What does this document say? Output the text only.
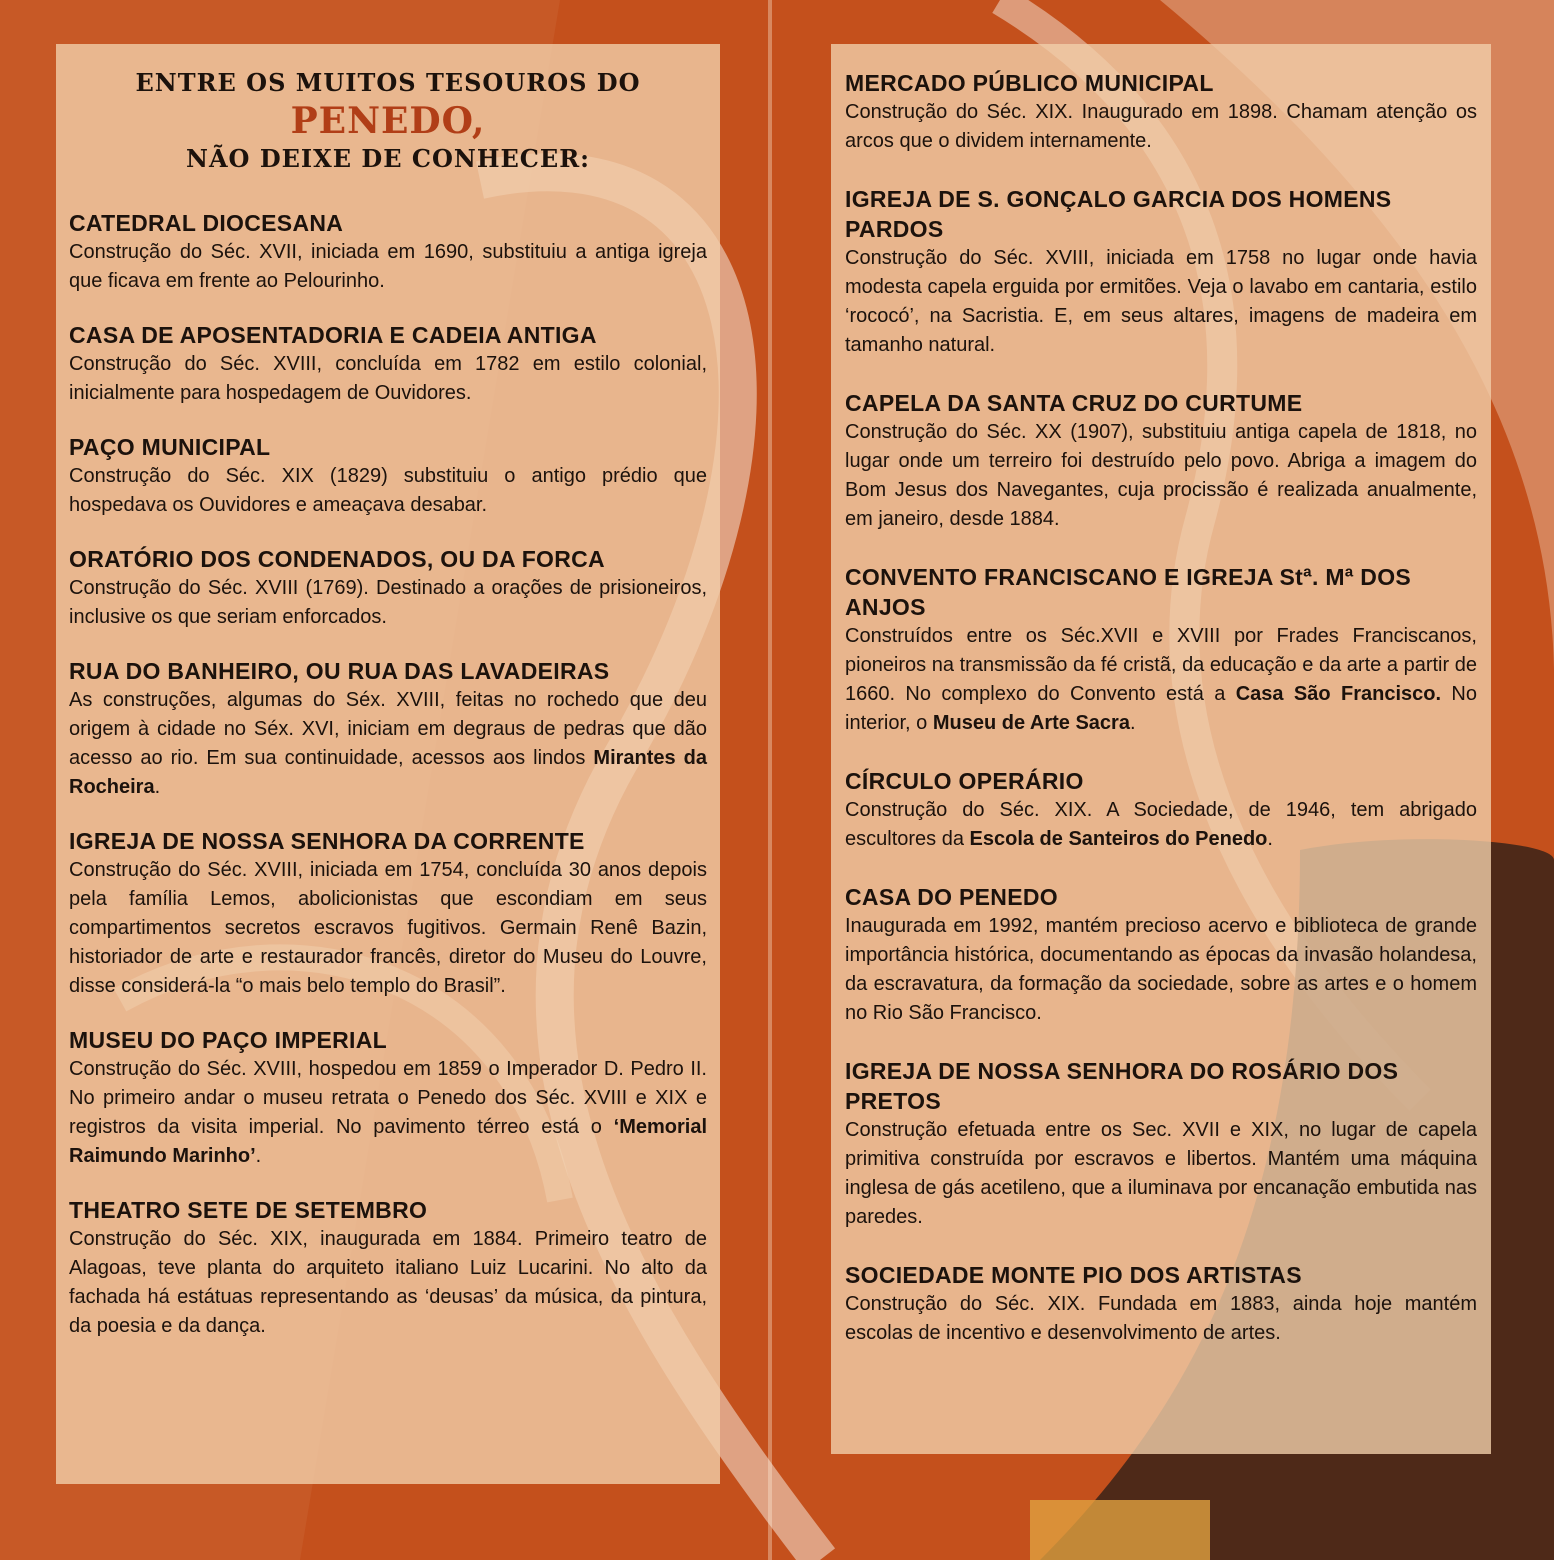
ENTRE OS MUITOS TESOUROS DO
PENEDO,
NÃO DEIXE DE CONHECER:
CATEDRAL DIOCESANA

Construção do Séc. XVII, iniciada em 1690, substituiu a antiga igreja que ficava em frente ao Pelourinho.

CASA DE APOSENTADORIA E CADEIA ANTIGA

Construção do Séc. XVIII, concluída em 1782 em estilo colonial, inicialmente para hospedagem de Ouvidores.

PAÇO MUNICIPAL

Construção do Séc. XIX (1829) substituiu o antigo prédio que hospedava os Ouvidores e ameaçava desabar.

ORATÓRIO DOS CONDENADOS, OU DA FORCA

Construção do Séc. XVIII (1769). Destinado a orações de prisioneiros, inclusive os que seriam enforcados.

RUA DO BANHEIRO, OU RUA DAS LAVADEIRAS

As construções, algumas do Séx. XVIII, feitas no rochedo que deu origem à cidade no Séx. XVI, iniciam em degraus de pedras que dão acesso ao rio. Em sua continuidade, acessos aos lindos Mirantes da Rocheira.

IGREJA DE NOSSA SENHORA DA CORRENTE

Construção do Séc. XVIII, iniciada em 1754, concluída 30 anos depois pela família Lemos, abolicionistas que escondiam em seus compartimentos secretos escravos fugitivos. Germain Renê Bazin, historiador de arte e restaurador francês, diretor do Museu do Louvre, disse considerá-la “o mais belo templo do Brasil”.

MUSEU DO PAÇO IMPERIAL

Construção do Séc. XVIII, hospedou em 1859 o Imperador D. Pedro II. No primeiro andar o museu retrata o Penedo dos Séc. XVIII e XIX e registros da visita imperial. No pavimento térreo está o ‘Memorial Raimundo Marinho’.

THEATRO SETE DE SETEMBRO

Construção do Séc. XIX, inaugurada em 1884. Primeiro teatro de Alagoas, teve planta do arquiteto italiano Luiz Lucarini. No alto da fachada há estátuas representando as ‘deusas’ da música, da pintura, da poesia e da dança.

MERCADO PÚBLICO MUNICIPAL

Construção do Séc. XIX. Inaugurado em 1898. Chamam atenção os arcos que o dividem internamente.

IGREJA DE S. GONÇALO GARCIA DOS HOMENS PARDOS

Construção do Séc. XVIII, iniciada em 1758 no lugar onde havia modesta capela erguida por ermitões. Veja o lavabo em cantaria, estilo ‘rococó’, na Sacristia. E, em seus altares, imagens de madeira em tamanho natural.

CAPELA DA SANTA CRUZ DO CURTUME

Construção do Séc. XX (1907), substituiu antiga capela de 1818, no lugar onde um terreiro foi destruído pelo povo. Abriga a imagem do Bom Jesus dos Navegantes, cuja procissão é realizada anualmente, em janeiro, desde 1884.

CONVENTO FRANCISCANO E IGREJA Stª. Mª DOS ANJOS

Construídos entre os Séc.XVII e XVIII por Frades Franciscanos, pioneiros na transmissão da fé cristã, da educação e da arte a partir de 1660. No complexo do Convento está a Casa São Francisco. No interior, o Museu de Arte Sacra.

CÍRCULO OPERÁRIO

Construção do Séc. XIX. A Sociedade, de 1946, tem abrigado escultores da Escola de Santeiros do Penedo.

CASA DO PENEDO

Inaugurada em 1992, mantém precioso acervo e biblioteca de grande importância histórica, documentando as épocas da invasão holandesa, da escravatura, da formação da sociedade, sobre as artes e o homem no Rio São Francisco.

IGREJA DE NOSSA SENHORA DO ROSÁRIO DOS PRETOS

Construção efetuada entre os Sec. XVII e XIX, no lugar de capela primitiva construída por escravos e libertos. Mantém uma máquina inglesa de gás acetileno, que a iluminava por encanação embutida nas paredes.

SOCIEDADE MONTE PIO DOS ARTISTAS

Construção do Séc. XIX. Fundada em 1883, ainda hoje mantém escolas de incentivo e desenvolvimento de artes.
